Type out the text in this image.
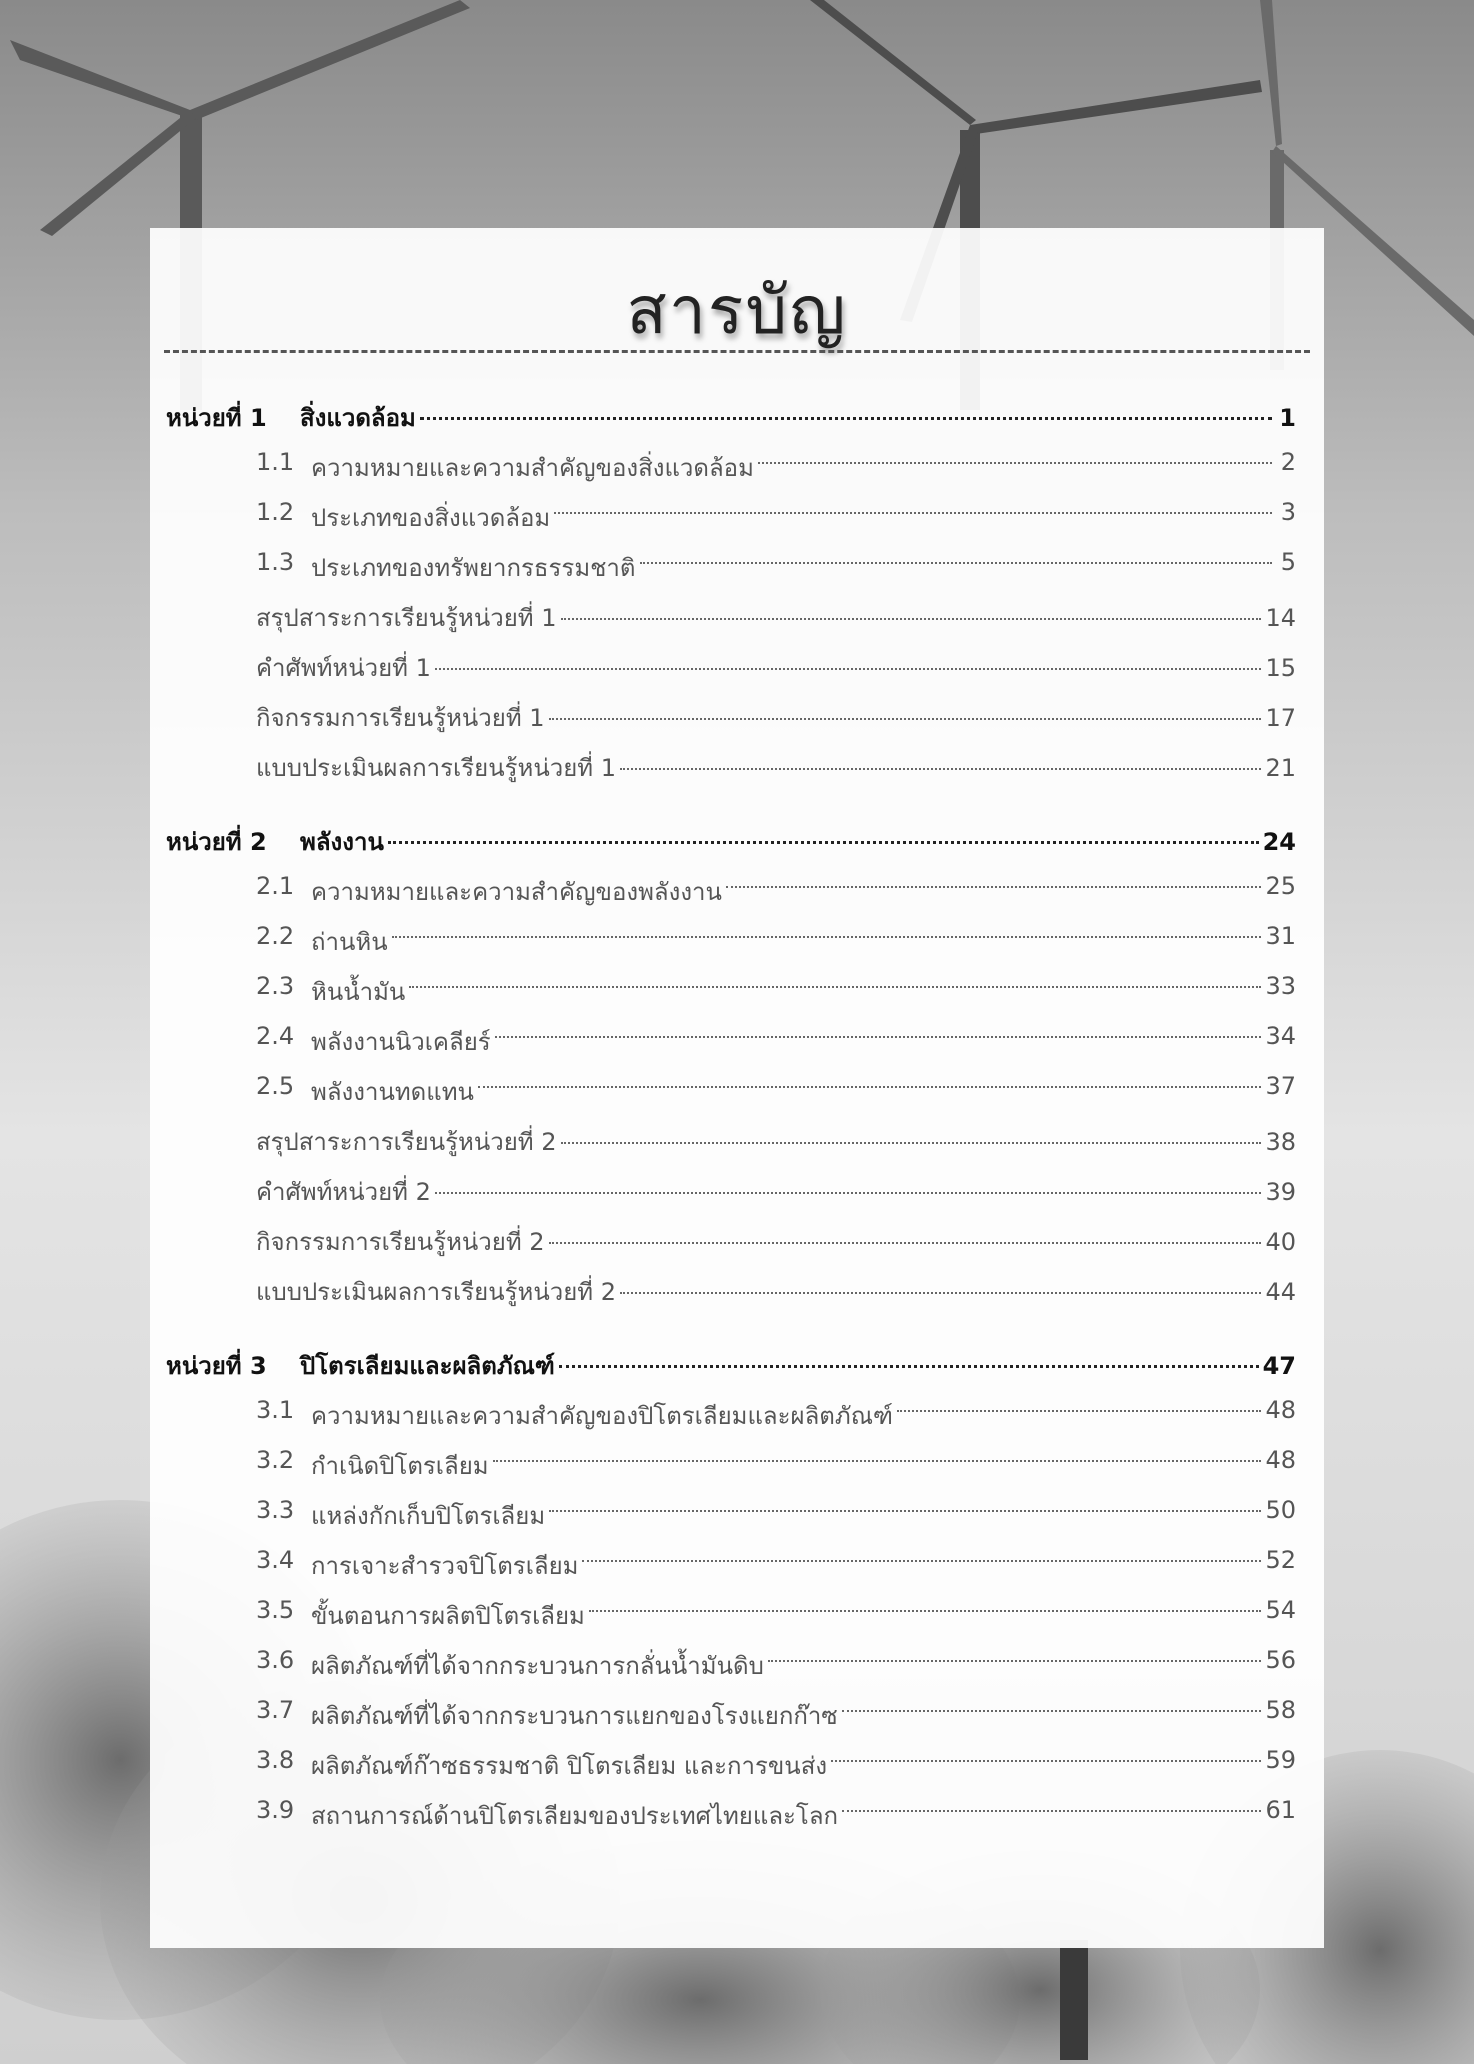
สารบัญ
หน่วยที่ 1	สิ่งแวดล้อม	1
1.1 ความหมายและความสำคัญของสิ่งแวดล้อม	2
1.2 ประเภทของสิ่งแวดล้อม	3
1.3 ประเภทของทรัพยากรธรรมชาติ	5
สรุปสาระการเรียนรู้หน่วยที่ 1	14
คำศัพท์หน่วยที่ 1	15
กิจกรรมการเรียนรู้หน่วยที่ 1	17
แบบประเมินผลการเรียนรู้หน่วยที่ 1	21
หน่วยที่ 2	พลังงาน	24
2.1 ความหมายและความสำคัญของพลังงาน	25
2.2 ถ่านหิน	31
2.3 หินน้ำมัน	33
2.4 พลังงานนิวเคลียร์	34
2.5 พลังงานทดแทน	37
สรุปสาระการเรียนรู้หน่วยที่ 2	38
คำศัพท์หน่วยที่ 2	39
กิจกรรมการเรียนรู้หน่วยที่ 2	40
แบบประเมินผลการเรียนรู้หน่วยที่ 2	44
หน่วยที่ 3	ปิโตรเลียมและผลิตภัณฑ์	47
3.1 ความหมายและความสำคัญของปิโตรเลียมและผลิตภัณฑ์	48
3.2 กำเนิดปิโตรเลียม	48
3.3 แหล่งกักเก็บปิโตรเลียม	50
3.4 การเจาะสำรวจปิโตรเลียม	52
3.5 ขั้นตอนการผลิตปิโตรเลียม	54
3.6 ผลิตภัณฑ์ที่ได้จากกระบวนการกลั่นน้ำมันดิบ	56
3.7 ผลิตภัณฑ์ที่ได้จากกระบวนการแยกของโรงแยกก๊าซ	58
3.8 ผลิตภัณฑ์ก๊าซธรรมชาติ ปิโตรเลียม และการขนส่ง	59
3.9 สถานการณ์ด้านปิโตรเลียมของประเทศไทยและโลก	61
